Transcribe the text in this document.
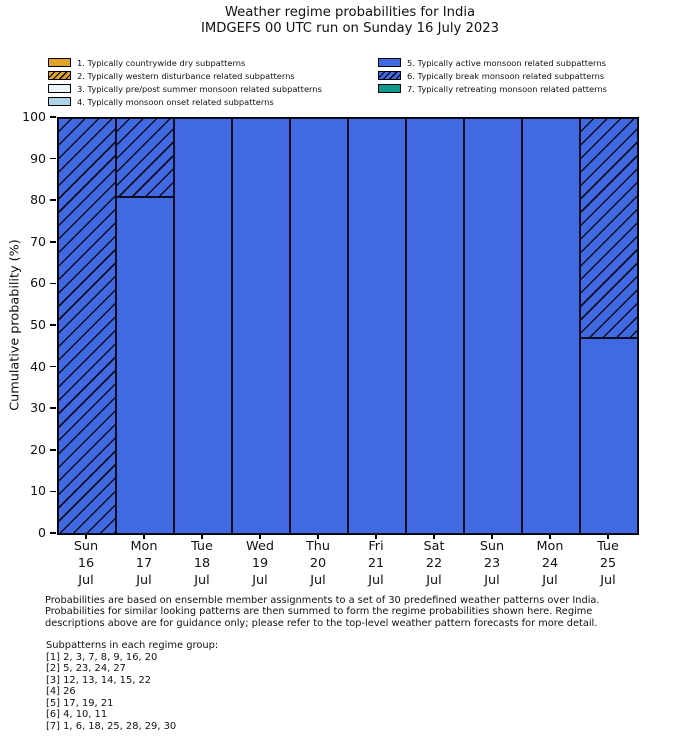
Weather regime probabilities for India
IMDGEFS 00 UTC run on Sunday 16 July 2023
1. Typically countrywide dry subpatterns
2. Typically western disturbance related subpatterns
3. Typically pre/post summer monsoon related subpatterns
4. Typically monsoon onset related subpatterns
5. Typically active monsoon related subpatterns
6. Typically break monsoon related subpatterns
7. Typically retreating monsoon related patterns
Cumulative probability (%)
0
10
20
30
40
50
60
70
80
90
100
Sun
16
Jul
Mon
17
Jul
Tue
18
Jul
Wed
19
Jul
Thu
20
Jul
Fri
21
Jul
Sat
22
Jul
Sun
23
Jul
Mon
24
Jul
Tue
25
Jul
Probabilities are based on ensemble member assignments to a set of 30 predefined weather patterns over India.
Probabilities for similar looking patterns are then summed to form the regime probabilities shown here. Regime
descriptions above are for guidance only; please refer to the top-level weather pattern forecasts for more detail.
Subpatterns in each regime group:
[1] 2, 3, 7, 8, 9, 16, 20
[2] 5, 23, 24, 27
[3] 12, 13, 14, 15, 22
[4] 26
[5] 17, 19, 21
[6] 4, 10, 11
[7] 1, 6, 18, 25, 28, 29, 30
